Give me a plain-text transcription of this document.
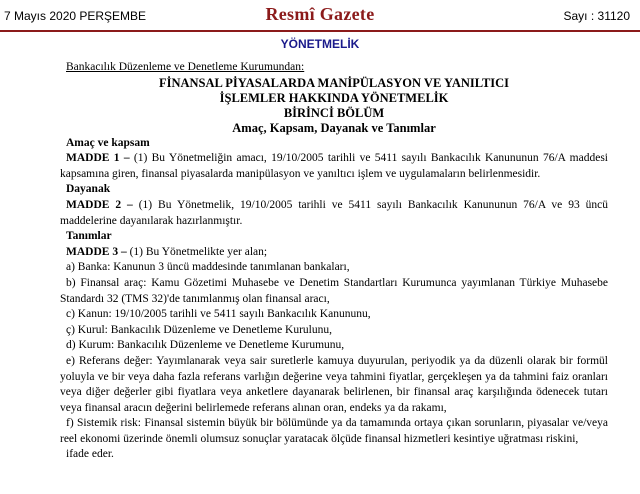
7 Mayıs 2020 PERŞEMBE	Resmî Gazete	Sayı : 31120
YÖNETMELİK
Bankacılık Düzenleme ve Denetleme Kurumundan:
FİNANSAL PİYASALARDA MANİPÜLASYON VE YANILTICI
İŞLEMLER HAKKINDA YÖNETMELİK
BİRİNCİ BÖLÜM
Amaç, Kapsam, Dayanak ve Tanımlar
Amaç ve kapsam
MADDE 1 – (1) Bu Yönetmeliğin amacı, 19/10/2005 tarihli ve 5411 sayılı Bankacılık Kanununun 76/A maddesi kapsamına giren, finansal piyasalarda manipülasyon ve yanıltıcı işlem ve uygulamaların belirlenmesidir.
Dayanak
MADDE 2 – (1) Bu Yönetmelik, 19/10/2005 tarihli ve 5411 sayılı Bankacılık Kanununun 76/A ve 93 üncü maddelerine dayanılarak hazırlanmıştır.
Tanımlar
MADDE 3 – (1) Bu Yönetmelikte yer alan;
a) Banka: Kanunun 3 üncü maddesinde tanımlanan bankaları,
b) Finansal araç: Kamu Gözetimi Muhasebe ve Denetim Standartları Kurumunca yayımlanan Türkiye Muhasebe Standardı 32 (TMS 32)'de tanımlanmış olan finansal aracı,
c) Kanun: 19/10/2005 tarihli ve 5411 sayılı Bankacılık Kanununu,
ç) Kurul: Bankacılık Düzenleme ve Denetleme Kurulunu,
d) Kurum: Bankacılık Düzenleme ve Denetleme Kurumunu,
e) Referans değer: Yayımlanarak veya sair suretlerle kamuya duyurulan, periyodik ya da düzenli olarak bir formül yoluyla ve bir veya daha fazla referans varlığın değerine veya tahmini fiyatlar, gerçekleşen ya da tahmini faiz oranları veya diğer değerler gibi fiyatlara veya anketlere dayanarak belirlenen, bir finansal araç karşılığında ödenecek tutarı veya finansal aracın değerini belirlemede referans alınan oran, endeks ya da rakamı,
f) Sistemik risk: Finansal sistemin büyük bir bölümünde ya da tamamında ortaya çıkan sorunların, piyasalar ve/veya reel ekonomi üzerinde önemli olumsuz sonuçlar yaratacak ölçüde finansal hizmetleri kesintiye uğratması riskini,
ifade eder.
